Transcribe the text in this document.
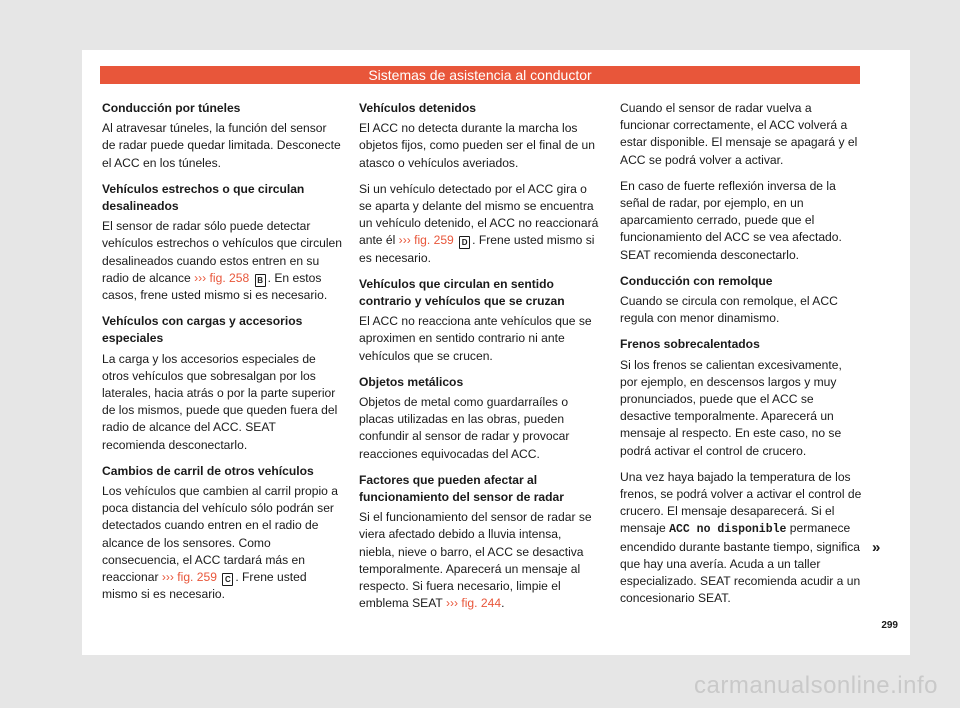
Sistemas de asistencia al conductor
Conducción por túneles

Al atravesar túneles, la función del sensor de radar puede quedar limitada. Desconecte el ACC en los túneles.

Vehículos estrechos o que circulan desalineados

El sensor de radar sólo puede detectar vehículos estrechos o vehículos que circulen desalineados cuando estos entren en su radio de alcance ››› fig. 258 B . En estos casos, frene usted mismo si es necesario.

Vehículos con cargas y accesorios especiales

La carga y los accesorios especiales de otros vehículos que sobresalgan por los laterales, hacia atrás o por la parte superior de los mismos, puede que queden fuera del radio de alcance del ACC. SEAT recomienda desconectarlo.

Cambios de carril de otros vehículos

Los vehículos que cambien al carril propio a poca distancia del vehículo sólo podrán ser detectados cuando entren en el radio de alcance de los sensores. Como consecuencia, el ACC tardará más en reaccionar ››› fig. 259 C . Frene usted mismo si es necesario.

Vehículos detenidos

El ACC no detecta durante la marcha los objetos fijos, como pueden ser el final de un atasco o vehículos averiados.

Si un vehículo detectado por el ACC gira o se aparta y delante del mismo se encuentra un vehículo detenido, el ACC no reaccionará ante él ››› fig. 259 D . Frene usted mismo si es necesario.

Vehículos que circulan en sentido contrario y vehículos que se cruzan

El ACC no reacciona ante vehículos que se aproximen en sentido contrario ni ante vehículos que se crucen.

Objetos metálicos

Objetos de metal como guardarraíles o placas utilizadas en las obras, pueden confundir al sensor de radar y provocar reacciones equivocadas del ACC.

Factores que pueden afectar al funcionamiento del sensor de radar

Si el funcionamiento del sensor de radar se viera afectado debido a lluvia intensa, niebla, nieve o barro, el ACC se desactiva temporalmente. Aparecerá un mensaje al respecto. Si fuera necesario, limpie el emblema SEAT ››› fig. 244.

Cuando el sensor de radar vuelva a funcionar correctamente, el ACC volverá a estar disponible. El mensaje se apagará y el ACC se podrá volver a activar.

En caso de fuerte reflexión inversa de la señal de radar, por ejemplo, en un aparcamiento cerrado, puede que el funcionamiento del ACC se vea afectado. SEAT recomienda desconectarlo.

Conducción con remolque

Cuando se circula con remolque, el ACC regula con menor dinamismo.

Frenos sobrecalentados

Si los frenos se calientan excesivamente, por ejemplo, en descensos largos y muy pronunciados, puede que el ACC se desactive temporalmente. Aparecerá un mensaje al respecto. En este caso, no se podrá activar el control de crucero.

Una vez haya bajado la temperatura de los frenos, se podrá volver a activar el control de crucero. El mensaje desaparecerá. Si el mensaje ACC no disponible permanece encendido durante bastante tiempo, significa que hay una avería. Acuda a un taller especializado. SEAT recomienda acudir a un concesionario SEAT.

»
299
carmanualsonline.info
